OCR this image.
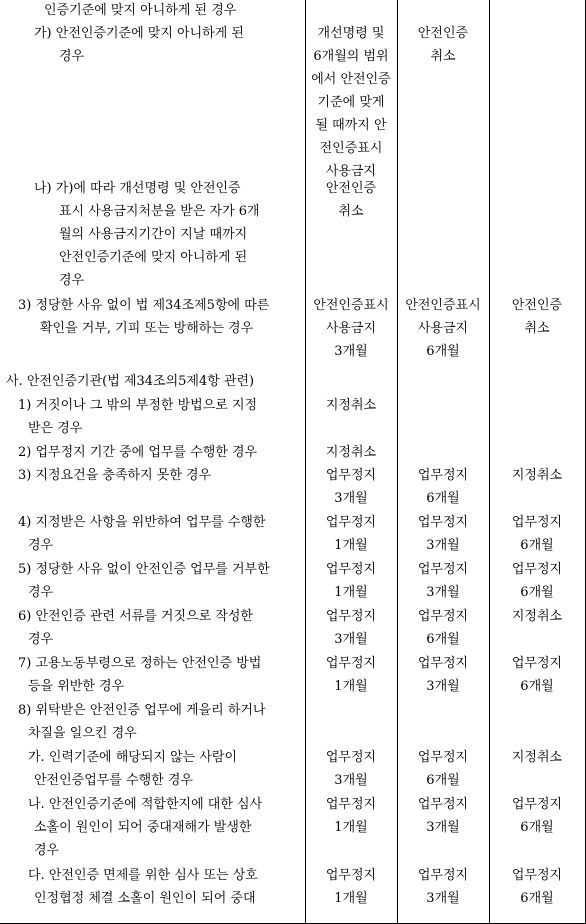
인증기준에 맞지 아니하게 된 경우
가) 안전인증기준에 맞지 아니하게 된
경우
개선명령 및
6개월의 범위
에서 안전인증
기준에 맞게
될 때까지 안
전인증표시
사용금지
안전인증
취소
나) 가)에 따라 개선명령 및 안전인증
표시 사용금지처분을 받은 자가 6개
월의 사용금지기간이 지날 때까지
안전인증기준에 맞지 아니하게 된
경우
안전인증
취소
3) 정당한 사유 없이 법 제34조제5항에 따른
확인을 거부, 기피 또는 방해하는 경우
안전인증표시
사용금지
3개월
안전인증표시
사용금지
6개월
안전인증
취소
사. 안전인증기관(법 제34조의5제4항 관련)
1) 거짓이나 그 밖의 부정한 방법으로 지정
받은 경우
지정취소
2) 업무정지 기간 중에 업무를 수행한 경우	지정취소
3) 지정요건을 충족하지 못한 경우	업무정지
3개월
업무정지
6개월
지정취소
4) 지정받은 사항을 위반하여 업무를 수행한
경우
업무정지
1개월
업무정지
3개월
업무정지
6개월
5) 정당한 사유 없이 안전인증 업무를 거부한
경우
업무정지
1개월
업무정지
3개월
업무정지
6개월
6) 안전인증 관련 서류를 거짓으로 작성한
경우
업무정지
3개월
업무정지
6개월
지정취소
7) 고용노동부령으로 정하는 안전인증 방법
등을 위반한 경우
업무정지
1개월
업무정지
3개월
업무정지
6개월
8) 위탁받은 안전인증 업무에 게을리 하거나
차질을 일으킨 경우
가. 인력기준에 해당되지 않는 사람이
안전인증업무를 수행한 경우
업무정지
3개월
업무정지
6개월
지정취소
나. 안전인증기준에 적합한지에 대한 심사
소홀이 원인이 되어 중대재해가 발생한
경우
업무정지
1개월
업무정지
3개월
업무정지
6개월
다. 안전인증 면제를 위한 심사 또는 상호
인정협정 체결 소홀이 원인이 되어 중대
업무정지
1개월
업무정지
3개월
업무정지
6개월
